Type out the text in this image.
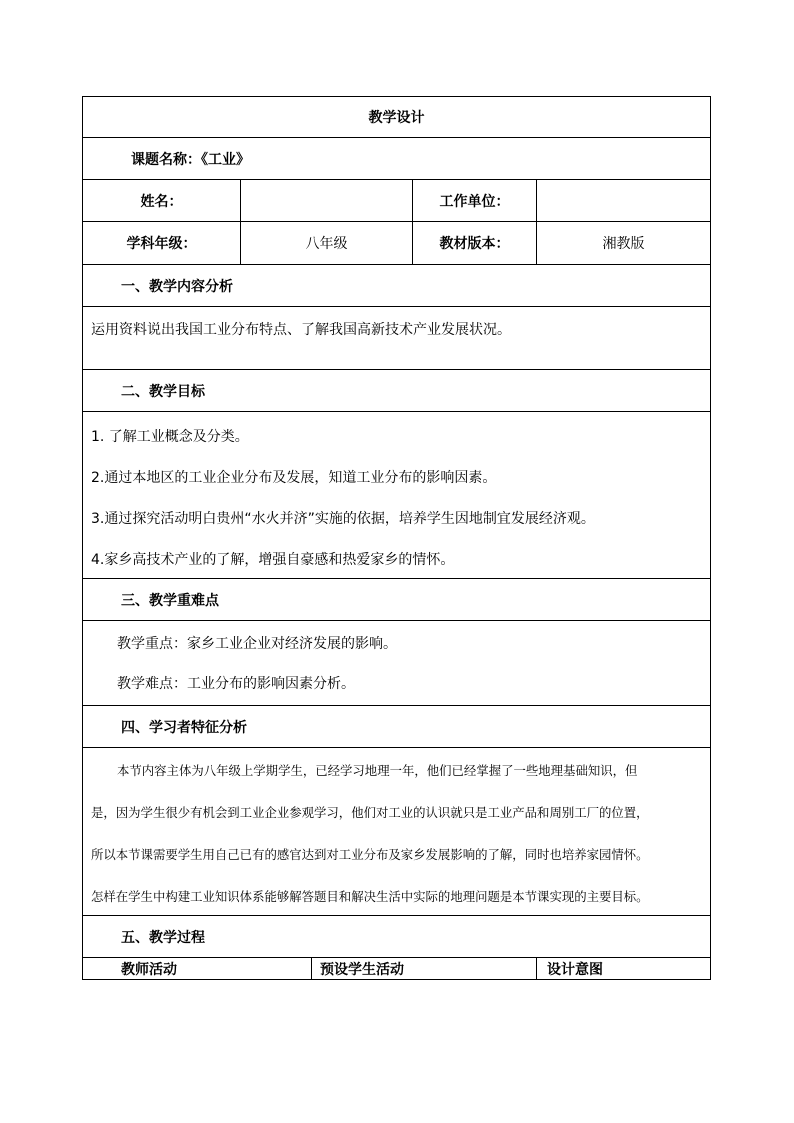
教学设计
课题名称：《工业》
姓名：	工作单位：
学科年级：	八年级	教材版本：	湘教版
一、教学内容分析
运用资料说出我国工业分布特点、了解我国高新技术产业发展状况。
二、教学目标
1. 了解工业概念及分类。
2.通过本地区的工业企业分布及发展，知道工业分布的影响因素。
3.通过探究活动明白贵州“水火并济”实施的依据，培养学生因地制宜发展经济观。
4.家乡高技术产业的了解，增强自豪感和热爱家乡的情怀。
三、教学重难点
教学重点：家乡工业企业对经济发展的影响。
教学难点：工业分布的影响因素分析。
四、学习者特征分析
本节内容主体为八年级上学期学生，已经学习地理一年，他们已经掌握了一些地理基础知识，但
是，因为学生很少有机会到工业企业参观学习，他们对工业的认识就只是工业产品和周别工厂的位置，
所以本节课需要学生用自己已有的感官达到对工业分布及家乡发展影响的了解，同时也培养家园情怀。
怎样在学生中构建工业知识体系能够解答题目和解决生活中实际的地理问题是本节课实现的主要目标。
五、教学过程
教师活动	预设学生活动	设计意图
